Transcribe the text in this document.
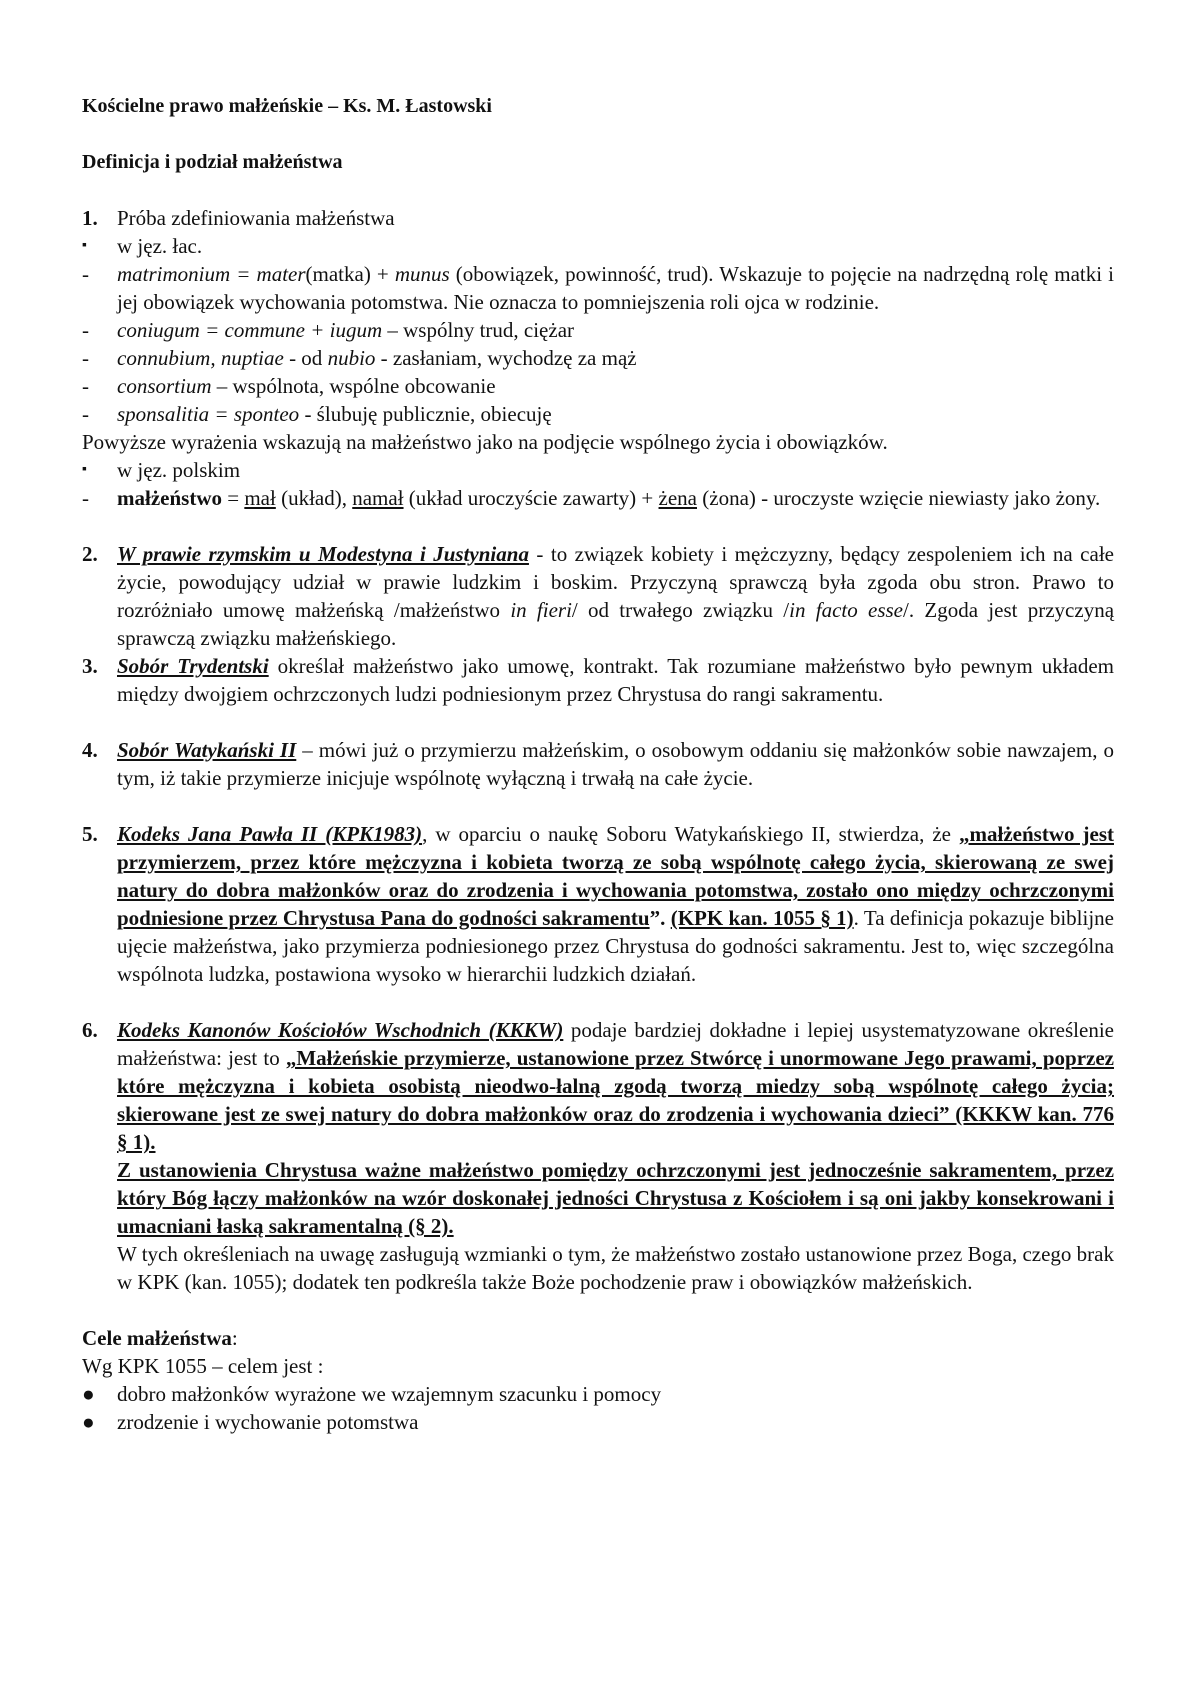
Kościelne prawo małżeńskie – Ks. M. Łastowski

Definicja i podział małżeństwa

1. Próba zdefiniowania małżeństwa
▪ w jęz. łac.
- matrimonium = mater(matka) + munus (obowiązek, powinność, trud). Wskazuje to pojęcie na nadrzędną rolę matki i jej obowiązek wychowania potomstwa. Nie oznacza to pomniejszenia roli ojca w rodzinie.
- coniugum = commune + iugum – wspólny trud, ciężar
- connubium, nuptiae - od nubio - zasłaniam, wychodzę za mąż
- consortium – wspólnota, wspólne obcowanie
- sponsalitia = sponteo - ślubuję publicznie, obiecuję

Powyższe wyrażenia wskazują na małżeństwo jako na podjęcie wspólnego życia i obowiązków.

▪ w jęz. polskim
- małżeństwo = mał (układ), namał (układ uroczyście zawarty) + żena (żona) - uroczyste wzięcie niewiasty jako żony.
2. W prawie rzymskim u Modestyna i Justyniana - to związek kobiety i mężczyzny, będący zespoleniem ich na całe życie, powodujący udział w prawie ludzkim i boskim. Przyczyną sprawczą była zgoda obu stron. Prawo to rozróżniało umowę małżeńską /małżeństwo in fieri/ od trwałego związku /in facto esse/. Zgoda jest przyczyną sprawczą związku małżeńskiego.
3. Sobór Trydentski określał małżeństwo jako umowę, kontrakt. Tak rozumiane małżeństwo było pewnym układem między dwojgiem ochrzczonych ludzi podniesionym przez Chrystusa do rangi sakramentu.
4. Sobór Watykański II – mówi już o przymierzu małżeńskim, o osobowym oddaniu się małżonków sobie nawzajem, o tym, iż takie przymierze inicjuje wspólnotę wyłączną i trwałą na całe życie.
5. Kodeks Jana Pawła II (KPK1983), w oparciu o naukę Soboru Watykańskiego II, stwierdza, że „małżeństwo jest przymierzem, przez które mężczyzna i kobieta tworzą ze sobą wspólnotę całego życia, skierowaną ze swej natury do dobra małżonków oraz do zrodzenia i wychowania potomstwa, zostało ono między ochrzczonymi podniesione przez Chrystusa Pana do godności sakramentu”. (KPK kan. 1055 § 1). Ta definicja pokazuje biblijne ujęcie małżeństwa, jako przymierza podniesionego przez Chrystusa do godności sakramentu. Jest to, więc szczególna wspólnota ludzka, postawiona wysoko w hierarchii ludzkich działań.
6. Kodeks Kanonów Kościołów Wschodnich (KKKW) podaje bardziej dokładne i lepiej usystematyzowane określenie małżeństwa: jest to „Małżeńskie przymierze, ustanowione przez Stwórcę i unormowane Jego prawami, poprzez które mężczyzna i kobieta osobistą nieodwo-łalną zgodą tworzą miedzy sobą wspólnotę całego życia; skierowane jest ze swej natury do dobra małżonków oraz do zrodzenia i wychowania dzieci” (KKKW kan. 776 § 1).
Z ustanowienia Chrystusa ważne małżeństwo pomiędzy ochrzczonymi jest jednocześnie sakramentem, przez który Bóg łączy małżonków na wzór doskonałej jedności Chrystusa z Kościołem i są oni jakby konsekrowani i umacniani łaską sakramentalną (§ 2).
W tych określeniach na uwagę zasługują wzmianki o tym, że małżeństwo zostało ustanowione przez Boga, czego brak w KPK (kan. 1055); dodatek ten podkreśla także Boże pochodzenie praw i obowiązków małżeńskich.

Cele małżeństwa:

Wg KPK 1055 – celem jest :

● dobro małżonków wyrażone we wzajemnym szacunku i pomocy
● zrodzenie i wychowanie potomstwa
